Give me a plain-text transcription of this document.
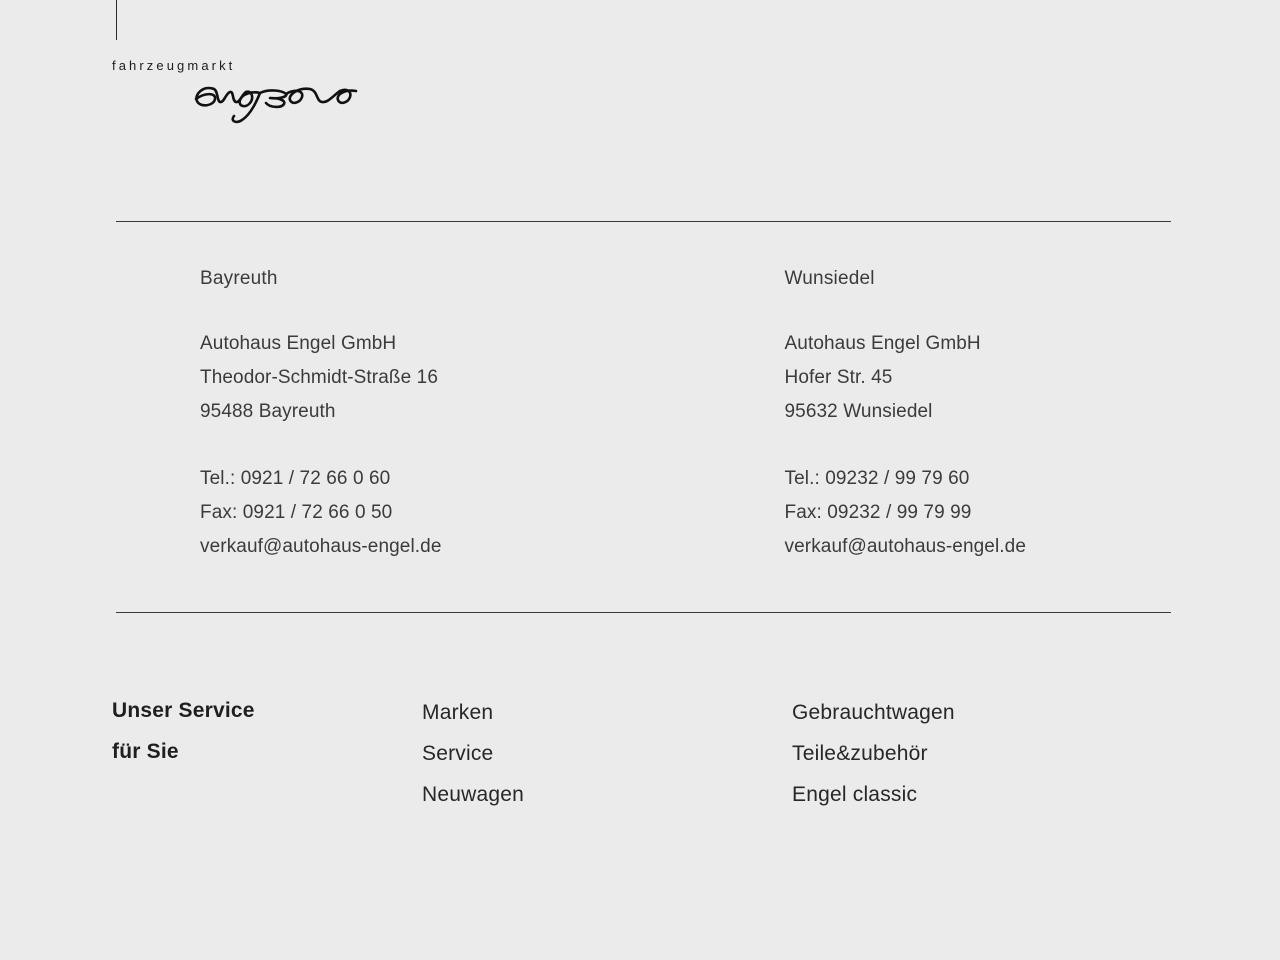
fahrzeugmarkt
Bayreuth
Autohaus Engel GmbH
Theodor-Schmidt-Straße 16
95488 Bayreuth
Tel.: 0921 / 72 66 0 60
Fax: 0921 / 72 66 0 50
verkauf@autohaus-engel.de
Wunsiedel
Autohaus Engel GmbH
Hofer Str. 45
95632 Wunsiedel
Tel.: 09232 / 99 79 60
Fax: 09232 / 99 79 99
verkauf@autohaus-engel.de
Unser Service
für Sie
Marken
Service
Neuwagen
Gebrauchtwagen
Teile&zubehör
Engel classic
